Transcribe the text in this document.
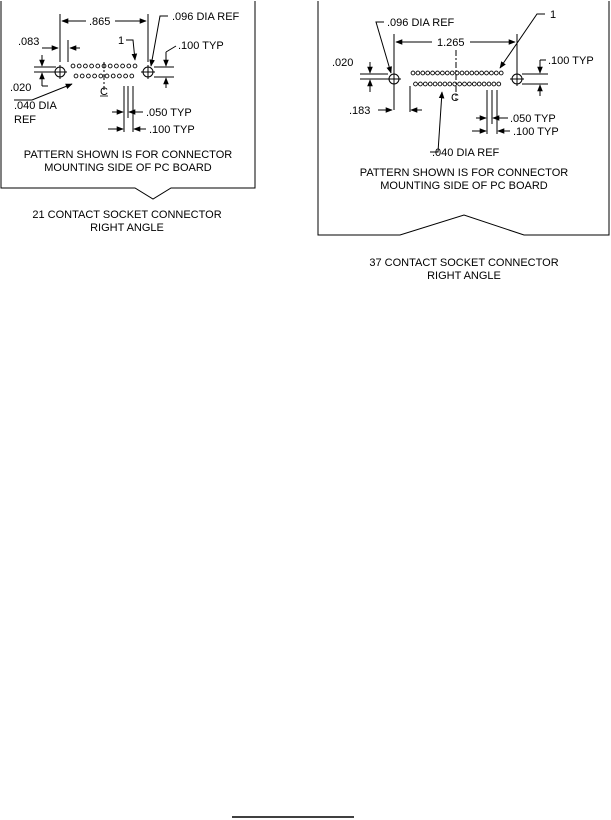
.865	.096 DIA REF
.083	1	.100 TYP
.020
.040 DIA
REF
C
.050 TYP
.100 TYP
PATTERN SHOWN IS FOR CONNECTOR
MOUNTING SIDE OF PC BOARD
21 CONTACT SOCKET CONNECTOR
RIGHT ANGLE
.096 DIA REF
1
1.265
.020	.100 TYP
.183
C
.050 TYP
.100 TYP
.040 DIA REF
PATTERN SHOWN IS FOR CONNECTOR
MOUNTING SIDE OF PC BOARD
37 CONTACT SOCKET CONNECTOR
RIGHT ANGLE
